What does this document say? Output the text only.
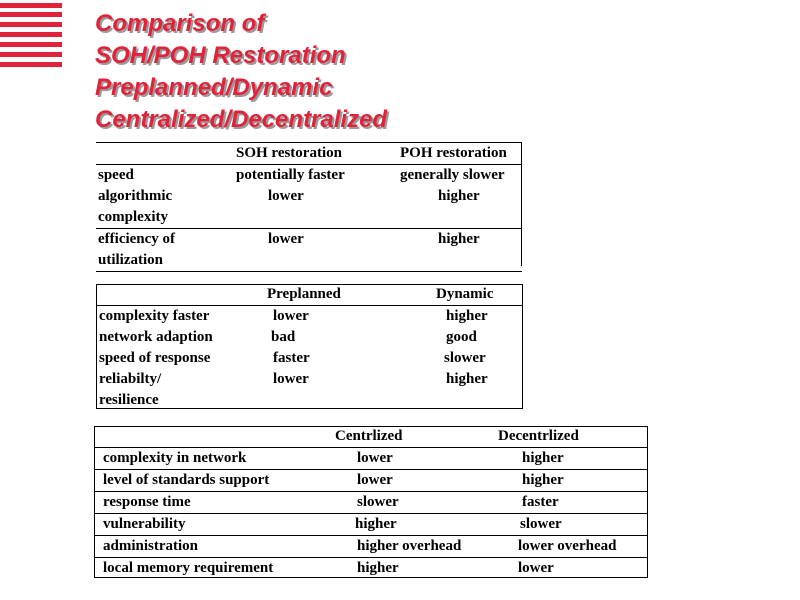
Comparison of
SOH/POH Restoration
Preplanned/Dynamic
Centralized/Decentralized
	SOH restoration	POH restoration
speed	potentially faster	generally slower
algorithmic	lower	higher
complexity		
efficiency of	lower	higher
utilization		
	Preplanned	Dynamic
complexity faster	lower	higher
network adaption	bad	good
speed of response	faster	slower
reliabilty/	lower	higher
resilience		
	Centrlized	Decentrlized
complexity in network	lower	higher
level of standards support	lower	higher
response time	slower	faster
vulnerability	higher	slower
administration	higher overhead	lower overhead
local memory requirement	higher	lower
